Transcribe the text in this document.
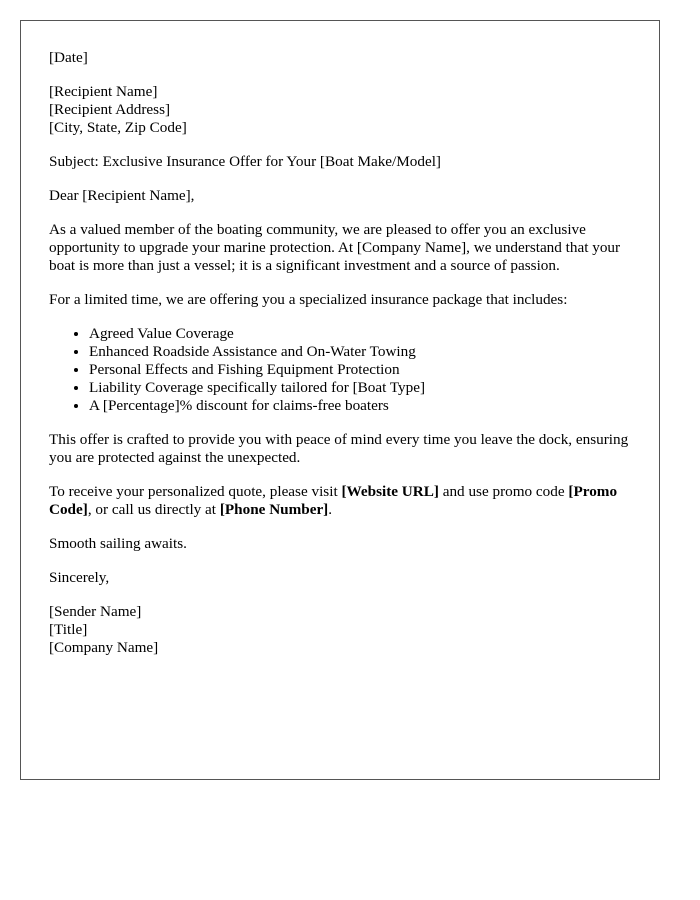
[Date]

[Recipient Name]
[Recipient Address]
[City, State, Zip Code]

Subject: Exclusive Insurance Offer for Your [Boat Make/Model]

Dear [Recipient Name],

As a valued member of the boating community, we are pleased to offer you an exclusive opportunity to upgrade your marine protection. At [Company Name], we understand that your boat is more than just a vessel; it is a significant investment and a source of passion.

For a limited time, we are offering you a specialized insurance package that includes:

• Agreed Value Coverage
• Enhanced Roadside Assistance and On-Water Towing
• Personal Effects and Fishing Equipment Protection
• Liability Coverage specifically tailored for [Boat Type]
• A [Percentage]% discount for claims-free boaters

This offer is crafted to provide you with peace of mind every time you leave the dock, ensuring you are protected against the unexpected.

To receive your personalized quote, please visit [Website URL] and use promo code [Promo Code], or call us directly at [Phone Number].

Smooth sailing awaits.

Sincerely,

[Sender Name]
[Title]
[Company Name]
